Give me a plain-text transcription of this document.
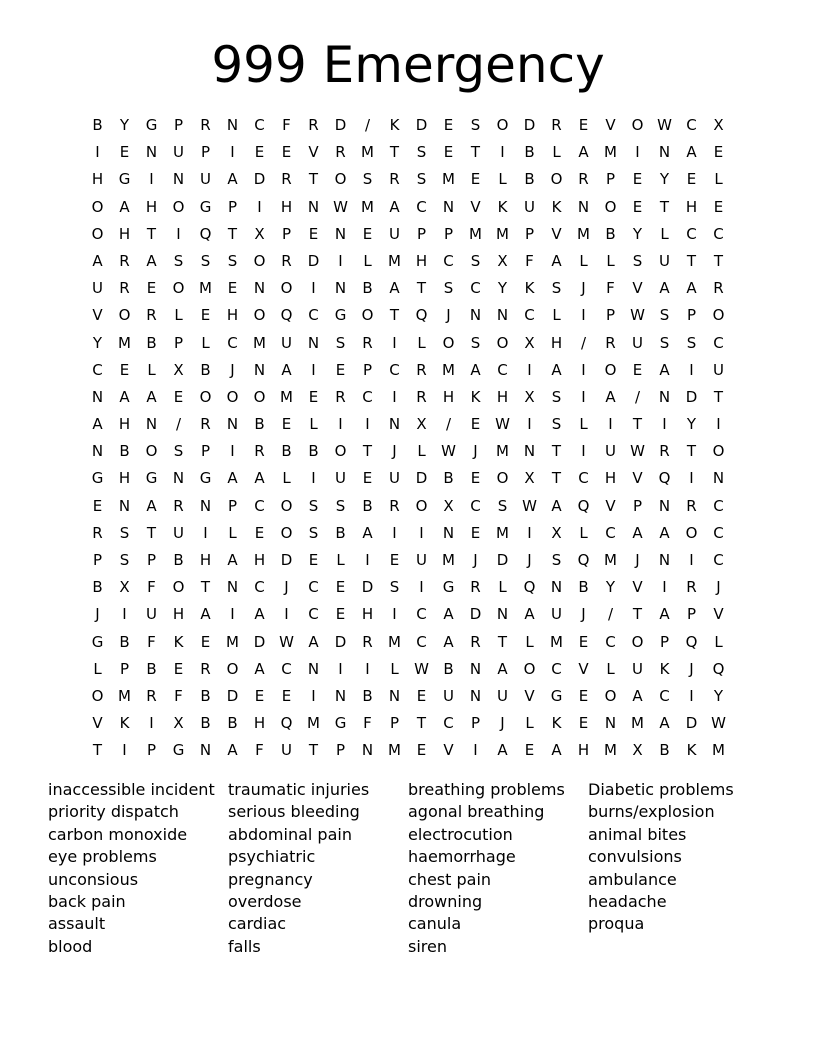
999 Emergency
B	Y	G	P	R	N	C	F	R	D	/	K	D	E	S	O	D	R	E	V	O W C	X
I	E	N	U	P	I	E	E	V	R	M	T	S	E	T	I	B	L	A	M	I	N	A	E
H	G	I	N	U	A	D	R	T	O	S	R	S	M	E	L	B	O	R	P	E	Y	E	L
O	A	H	O	G	P	I	H	N W M	A	C	N	V	K	U	K	N	O	E	T	H	E
O	H	T	I	Q	T	X	P	E	N	E	U	P	P	M M	P	V	M	B	Y	L	C	C
A	R	A	S	S	S	O	R	D	I	L	M H	C	S	X	F	A	L	L	S	U	T	T
U	R	E	O M	E	N	O	I	N	B	A	T	S	C	Y	K	S	J	F	V	A	A	R
V	O	R	L	E	H	O	Q	C	G	O	T	Q	J	N	N	C	L	I	P	W S	P	O
Y	M	B	P	L	C	M	U	N	S	R	I	L	O	S	O	X	H	/	R	U	S	S	C
C	E	L	X	B	J	N	A	I	E	P	C	R	M	A	C	I	A	I	O	E	A	I	U
N	A	A	E	O	O	O M	E	R	C	I	R	H	K	H	X	S	I	A	/	N	D	T
A	H	N	/	R	N	B	E	L	I	I	N	X	/	E W	I	S	L	I	T	I	Y	I
N	B	O	S	P	I	R	B	B	O	T	J	L	W	J	M N	T	I	U W R	T	O
G	H	G	N	G	A	A	L	I	U	E	U	D	B	E	O	X	T	C	H	V	Q	I	N
E	N	A	R	N	P	C	O	S	S	B	R	O	X	C	S W A	Q	V	P	N	R	C
R	S	T	U	I	L	E	O	S	B	A	I	I	N	E	M	I	X	L	C	A	A	O	C
P	S	P	B	H	A	H	D	E	L	I	E	U	M	J	D	J	S	Q M	J	N	I	C
B	X	F	O	T	N	C	J	C	E	D	S	I	G	R	L	Q	N	B	Y	V	I	R	J
J	I	U	H	A	I	A	I	C	E	H	I	C	A	D	N	A	U	J	/	T	A	P	V
G	B	F	K	E	M D W A	D	R	M	C	A	R	T	L	M	E	C	O	P	Q	L
L	P	B	E	R	O	A	C	N	I	I	L	W B	N	A	O	C	V	L	U	K	J	Q
O M	R	F	B	D	E	E	I	N	B	N	E	U	N	U	V	G	E	O	A	C	I	Y
V	K	I	X	B	B	H	Q M G	F	P	T	C	P	J	L	K	E	N M	A	D W
T	I	P	G	N	A	F	U	T	P	N M	E	V	I	A	E	A	H M	X	B	K	M
inaccessible incident
priority dispatch
carbon monoxide
eye problems
unconsious
back pain
assault
blood
traumatic injuries
serious bleeding
abdominal pain
psychiatric
pregnancy
overdose
cardiac
falls
breathing problems
agonal breathing
electrocution
haemorrhage
chest pain
drowning
canula
siren
Diabetic problems
burns/explosion
animal bites
convulsions
ambulance
headache
proqua
